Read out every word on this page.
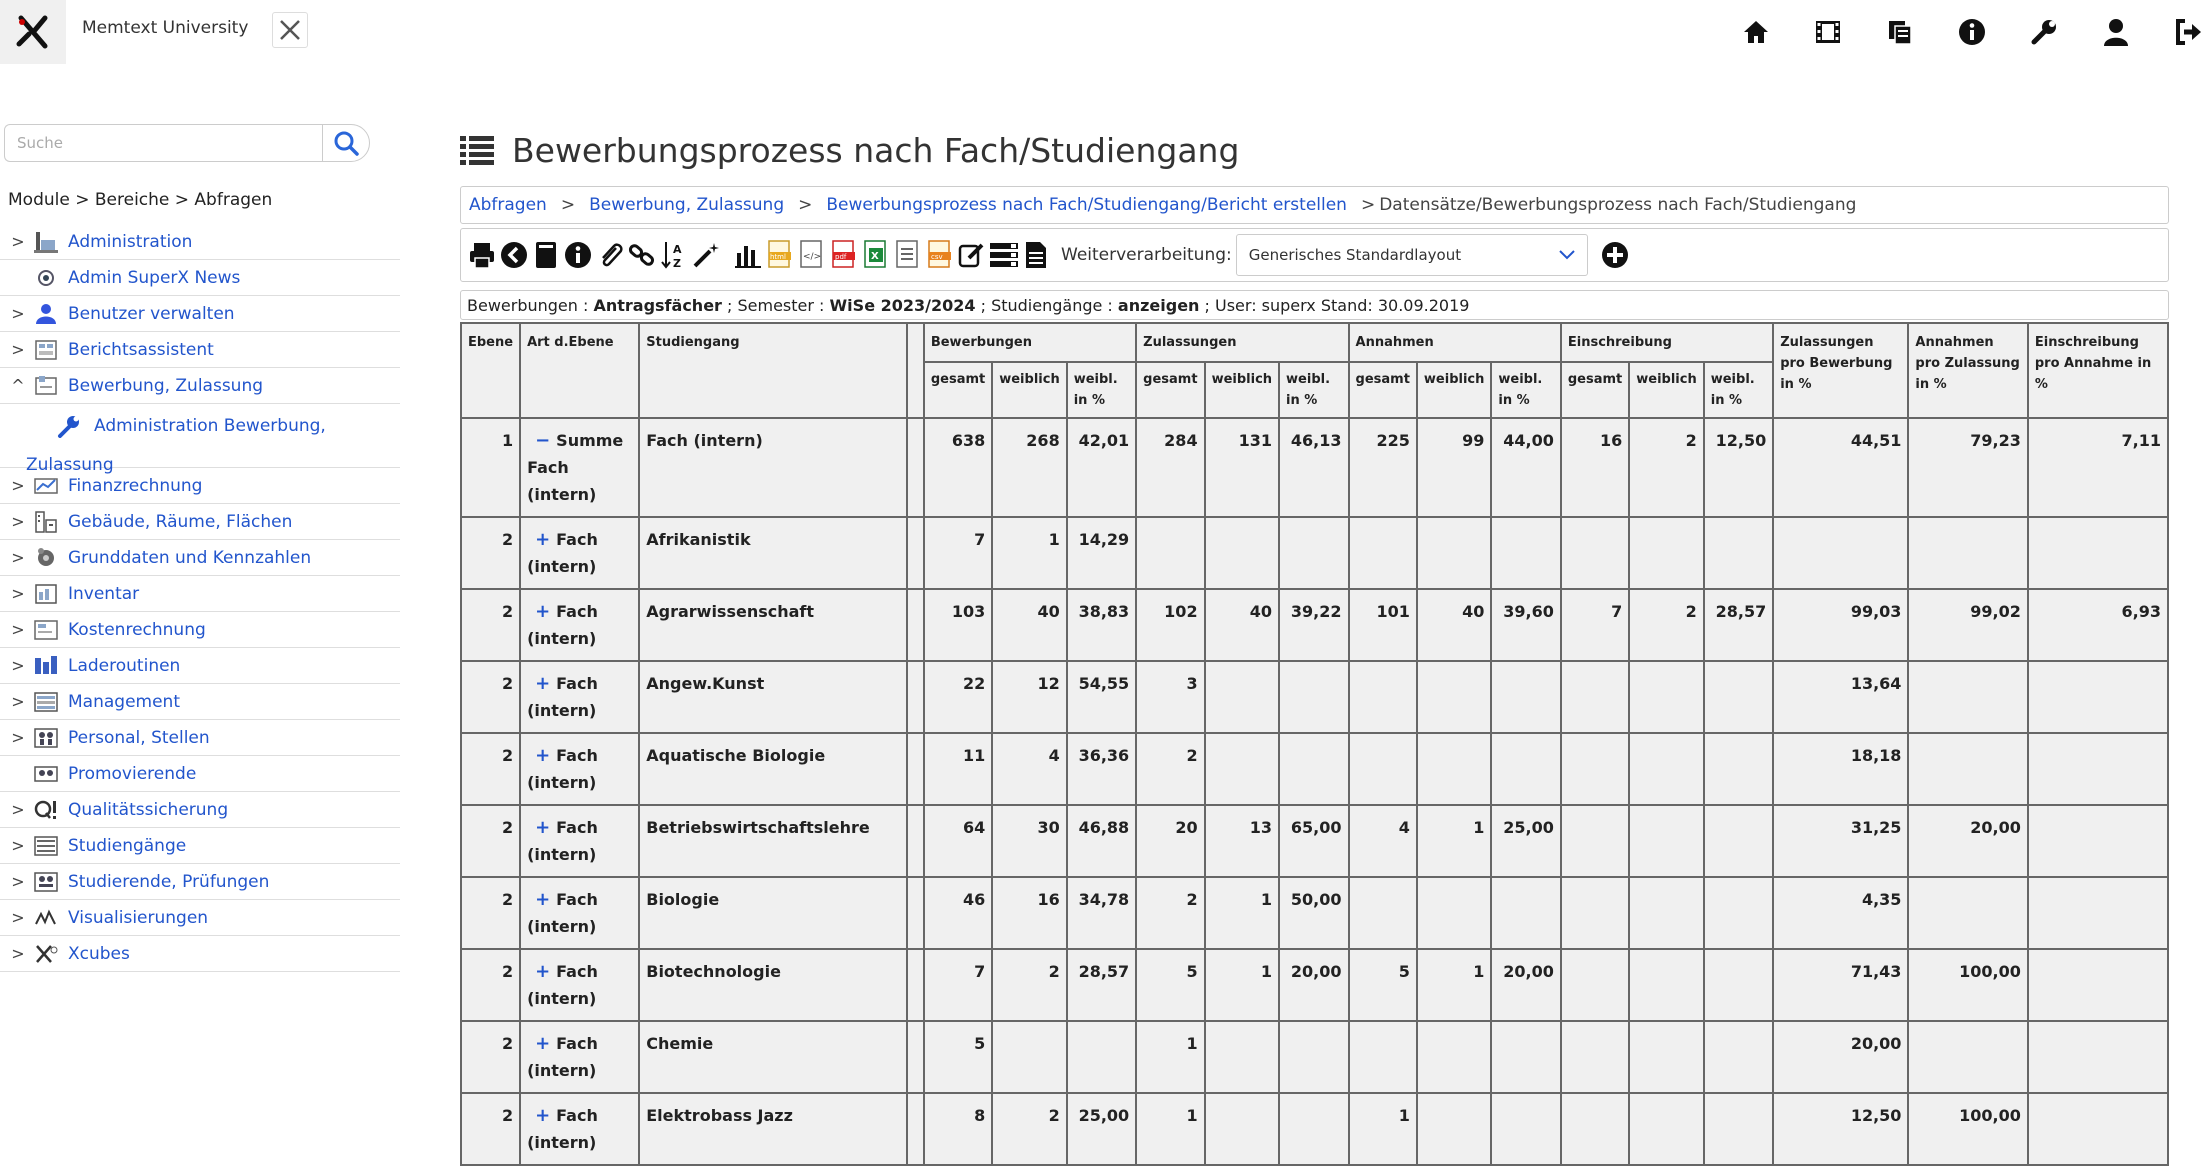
Memtext University
Suche
Module > Bereiche > Abfragen
>	Administration
Admin SuperX News
>	Benutzer verwalten
>	Berichtsassistent
^	Bewerbung, Zulassung
Administration Bewerbung,

Zulassung
>	Finanzrechnung
>	Gebäude, Räume, Flächen
>	Grunddaten und Kennzahlen
>	Inventar
>	Kostenrechnung
>	Laderoutinen
>	Management
>	Personal, Stellen
Promovierende
>	Qualitätssicherung
>	Studiengänge
>	Studierende, Prüfungen
>	Visualisierungen
>	Xcubes
Bewerbungsprozess nach Fach/Studiengang
Abfragen > Bewerbung, Zulassung > Bewerbungsprozess nach Fach/Studiengang/Bericht erstellen > Datensätze/Bewerbungsprozess nach Fach/Studiengang
A
Z	html </> pdf X	csv	Weiterverarbeitung: Generisches Standardlayout
Bewerbungen : Antragsfächer ; Semester : WiSe 2023/2024 ; Studiengänge : anzeigen ; User: superx Stand: 30.09.2019
Ebene	Art d.Ebene	Studiengang		Bewerbungen			Zulassungen			Annahmen			Einschreibung			Zulassungen pro Bewerbung in %	Annahmen pro Zulassung in %	Einschreibung pro Annahme in %
				gesamt	weiblich	weibl. in %	gesamt	weiblich	weibl. in %	gesamt	weiblich	weibl. in %	gesamt	weiblich	weibl. in %			
1	− Summe Fach (intern)	Fach (intern)		638	268	42,01	284	131	46,13	225	99	44,00	16	2	12,50	44,51	79,23	7,11
2	+ Fach (intern)	Afrikanistik		7	1	14,29												
2	+ Fach (intern)	Agrarwissenschaft		103	40	38,83	102	40	39,22	101	40	39,60	7	2	28,57	99,03	99,02	6,93
2	+ Fach (intern)	Angew.Kunst		22	12	54,55	3									13,64		
2	+ Fach (intern)	Aquatische Biologie		11	4	36,36	2									18,18		
2	+ Fach (intern)	Betriebswirtschaftslehre		64	30	46,88	20	13	65,00	4	1	25,00				31,25	20,00	
2	+ Fach (intern)	Biologie		46	16	34,78	2	1	50,00							4,35		
2	+ Fach (intern)	Biotechnologie		7	2	28,57	5	1	20,00	5	1	20,00				71,43	100,00	
2	+ Fach (intern)	Chemie		5			1									20,00		
2	+ Fach (intern)	Elektrobass Jazz		8	2	25,00	1			1						12,50	100,00	
